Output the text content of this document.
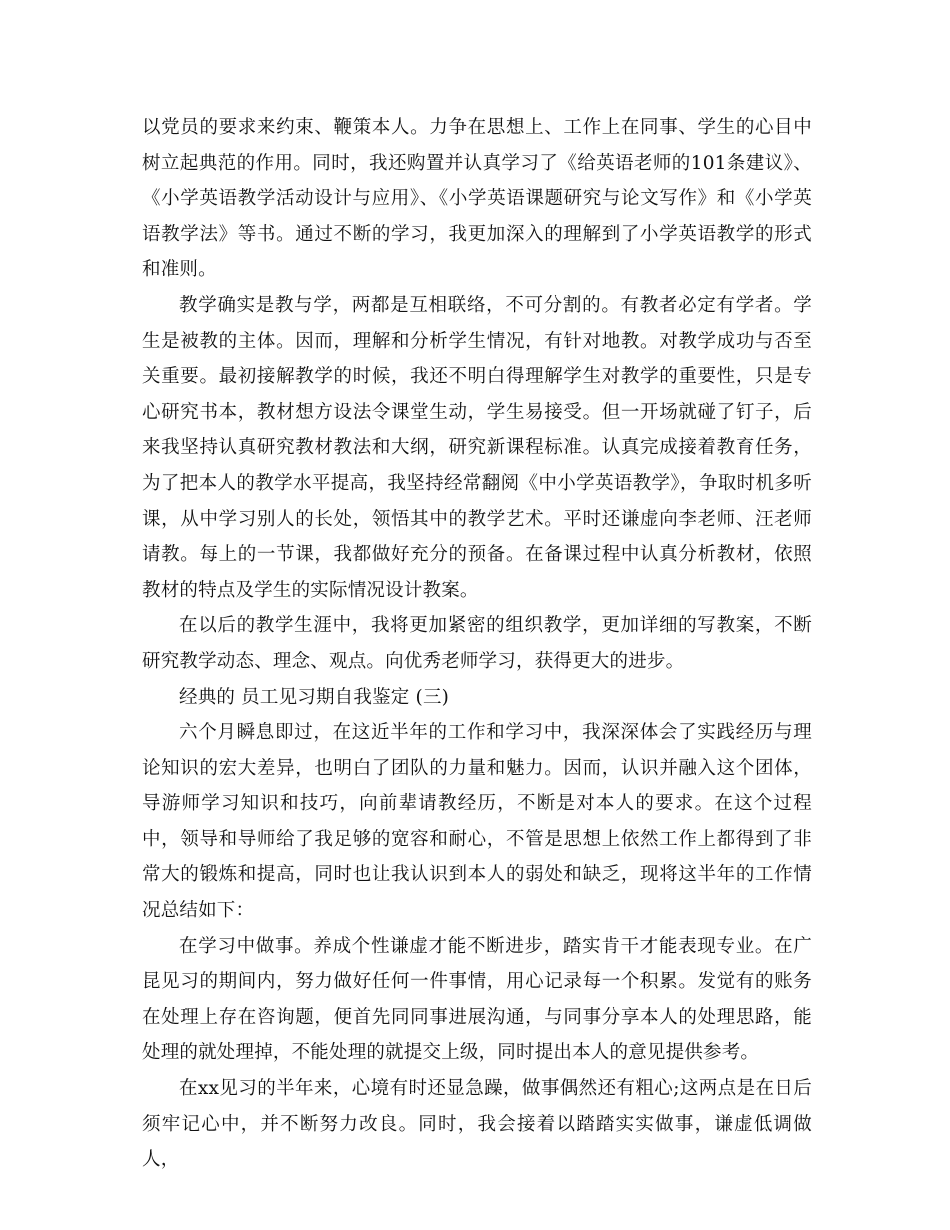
以党员的要求来约束、鞭策本人。力争在思想上、工作上在同事、学生的心目中树立起典范的作用。同时，我还购置并认真学习了《给英语老师的101条建议》、《小学英语教学活动设计与应用》、《小学英语课题研究与论文写作》和《小学英语教学法》等书。通过不断的学习，我更加深入的理解到了小学英语教学的形式和准则。

教学确实是教与学，两都是互相联络，不可分割的。有教者必定有学者。学生是被教的主体。因而，理解和分析学生情况，有针对地教。对教学成功与否至关重要。最初接解教学的时候，我还不明白得理解学生对教学的重要性，只是专心研究书本，教材想方设法令课堂生动，学生易接受。但一开场就碰了钉子，后来我坚持认真研究教材教法和大纲，研究新课程标准。认真完成接着教育任务，为了把本人的教学水平提高，我坚持经常翻阅《中小学英语教学》，争取时机多听课，从中学习别人的长处，领悟其中的教学艺术。平时还谦虚向李老师、汪老师请教。每上的一节课，我都做好充分的预备。在备课过程中认真分析教材，依照教材的特点及学生的实际情况设计教案。

在以后的教学生涯中，我将更加紧密的组织教学，更加详细的写教案，不断研究教学动态、理念、观点。向优秀老师学习，获得更大的进步。

经典的 员工见习期自我鉴定 (三)

六个月瞬息即过，在这近半年的工作和学习中，我深深体会了实践经历与理论知识的宏大差异，也明白了团队的力量和魅力。因而，认识并融入这个团体，导游师学习知识和技巧，向前辈请教经历，不断是对本人的要求。在这个过程中，领导和导师给了我足够的宽容和耐心，不管是思想上依然工作上都得到了非常大的锻炼和提高，同时也让我认识到本人的弱处和缺乏，现将这半年的工作情况总结如下：

在学习中做事。养成个性谦虚才能不断进步，踏实肯干才能表现专业。在广昆见习的期间内，努力做好任何一件事情，用心记录每一个积累。发觉有的账务在处理上存在咨询题，便首先同同事进展沟通，与同事分享本人的处理思路，能处理的就处理掉，不能处理的就提交上级，同时提出本人的意见提供参考。

在xx见习的半年来，心境有时还显急躁，做事偶然还有粗心;这两点是在日后须牢记心中，并不断努力改良。同时，我会接着以踏踏实实做事，谦虚低调做人，
